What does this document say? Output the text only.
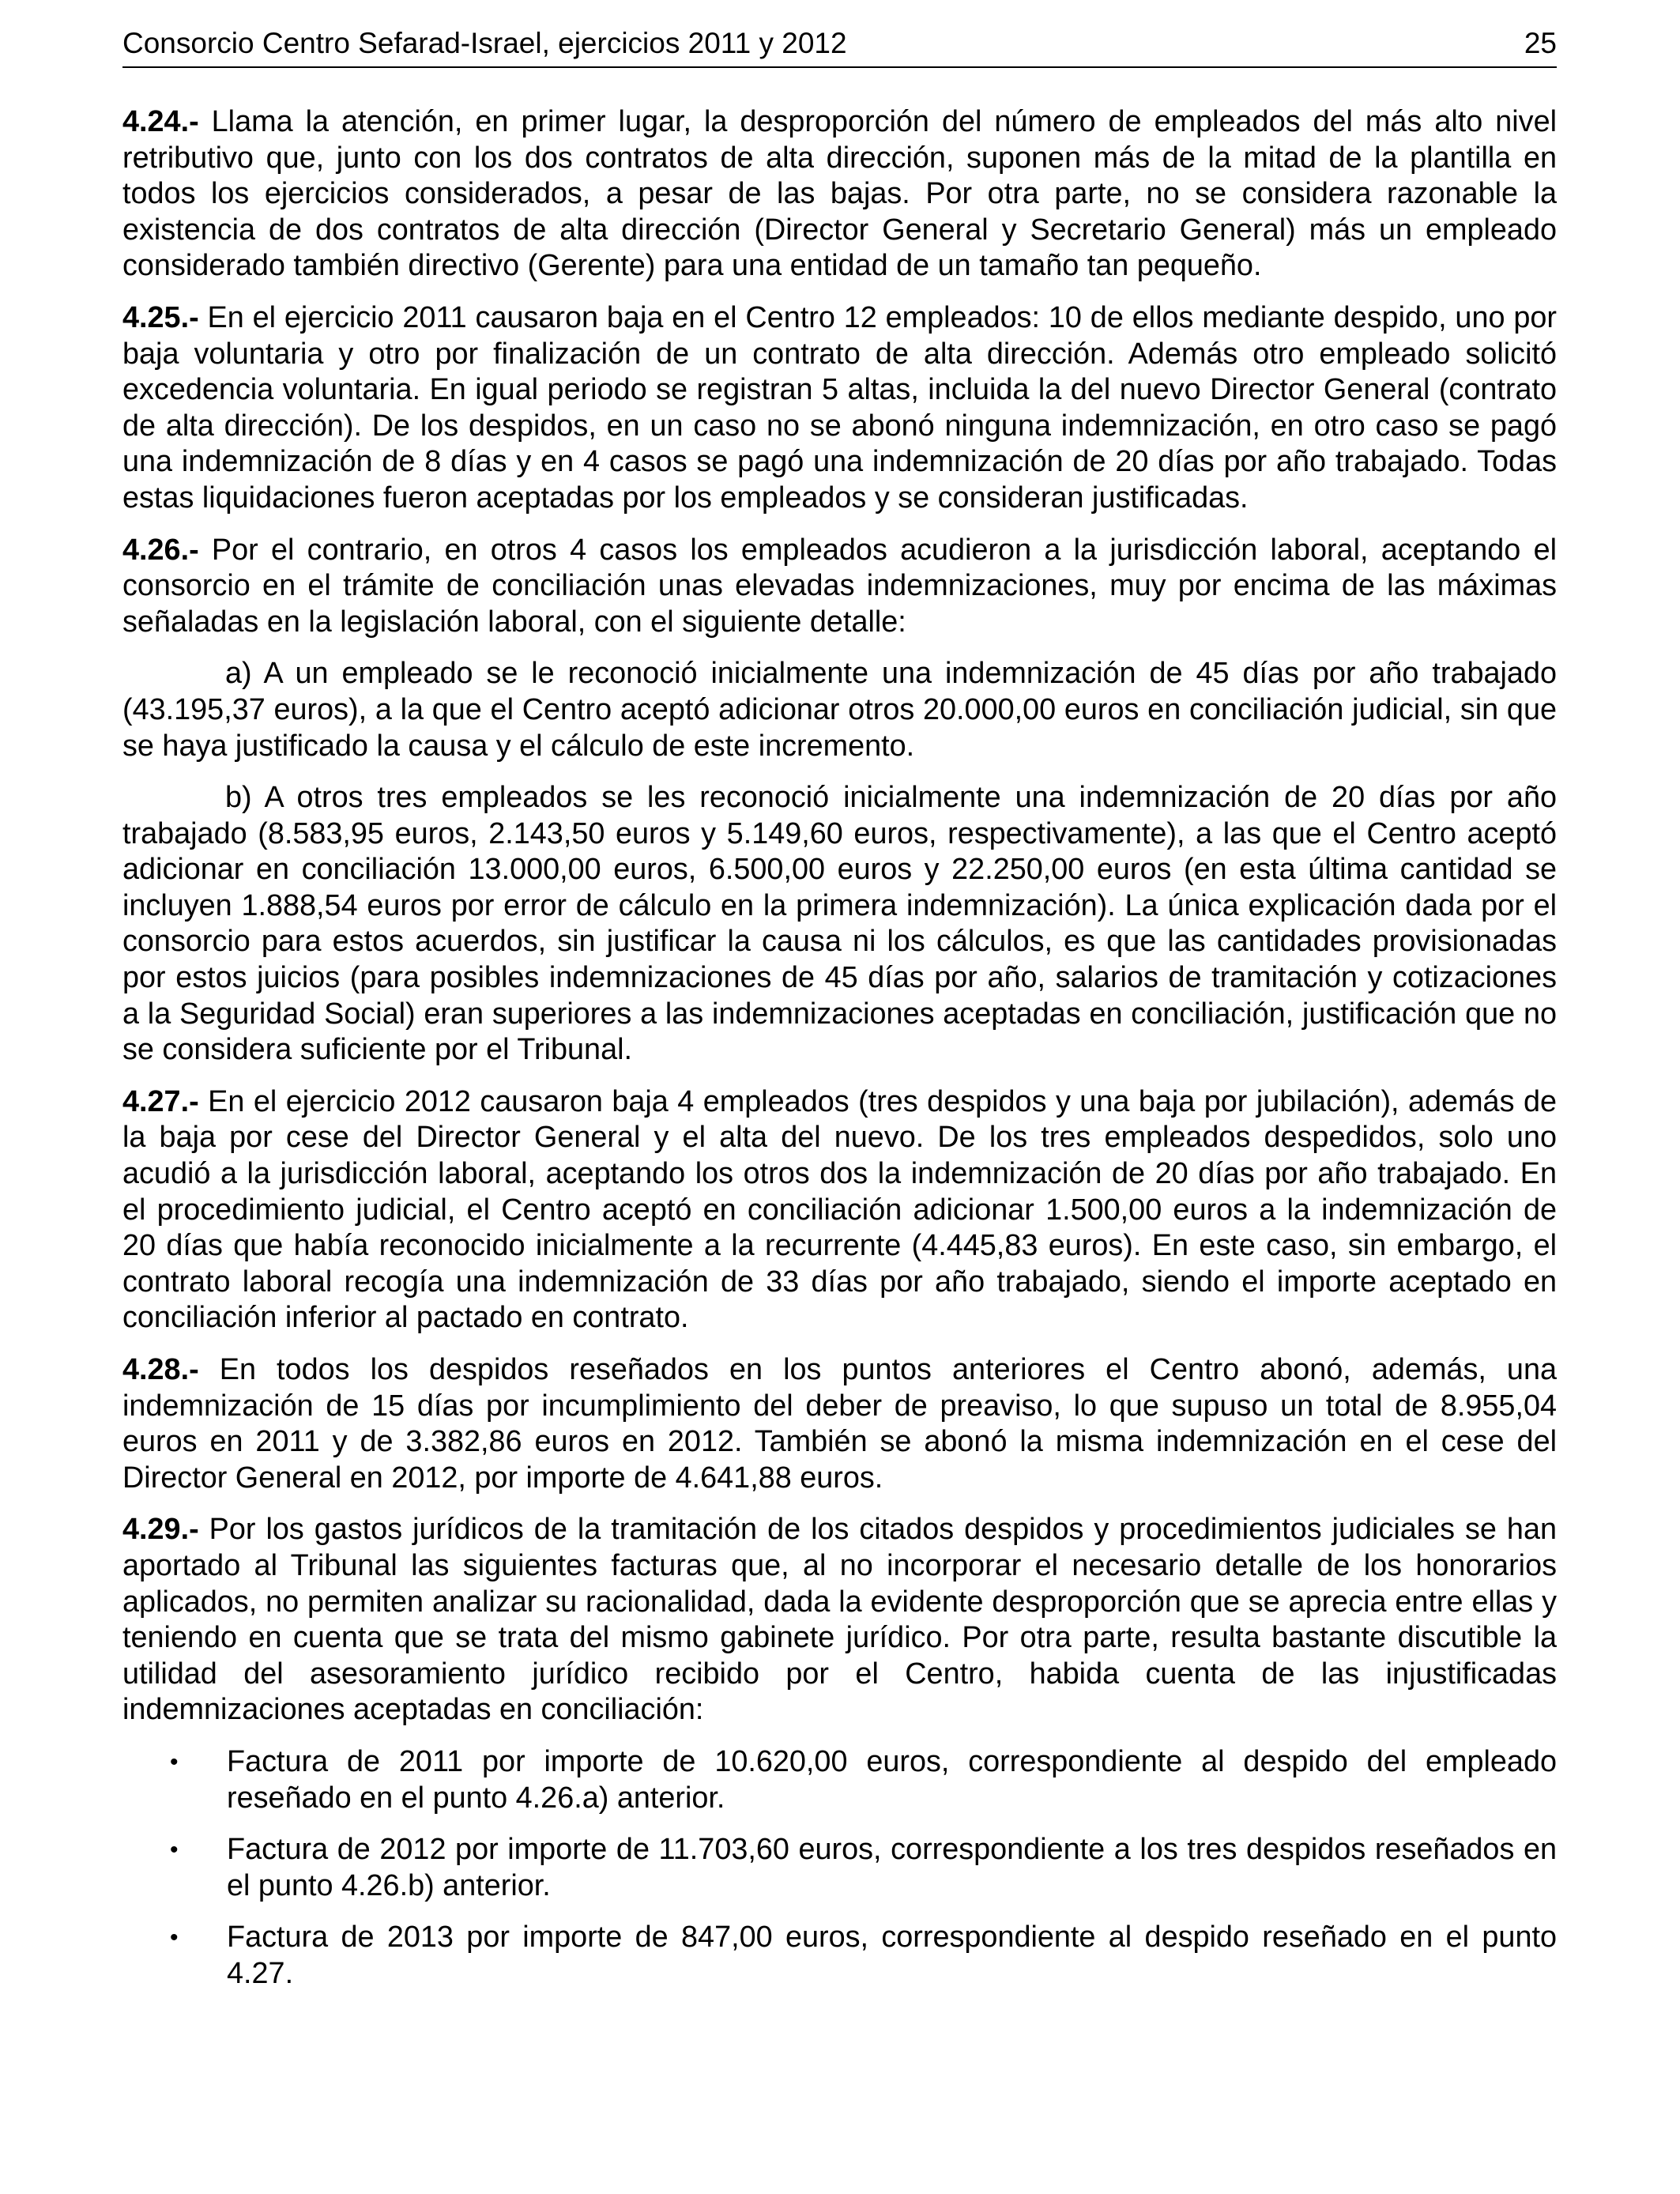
Consorcio Centro Sefarad-Israel, ejercicios 2011 y 2012	25

4.24.- Llama la atención, en primer lugar, la desproporción del número de empleados del más alto nivel retributivo que, junto con los dos contratos de alta dirección, suponen más de la mitad de la plantilla en todos los ejercicios considerados, a pesar de las bajas. Por otra parte, no se considera razonable la existencia de dos contratos de alta dirección (Director General y Secretario General) más un empleado considerado también directivo (Gerente) para una entidad de un tamaño tan pequeño.

4.25.- En el ejercicio 2011 causaron baja en el Centro 12 empleados: 10 de ellos mediante despido, uno por baja voluntaria y otro por finalización de un contrato de alta dirección. Además otro empleado solicitó excedencia voluntaria. En igual periodo se registran 5 altas, incluida la del nuevo Director General (contrato de alta dirección). De los despidos, en un caso no se abonó ninguna indemnización, en otro caso se pagó una indemnización de 8 días y en 4 casos se pagó una indemnización de 20 días por año trabajado. Todas estas liquidaciones fueron aceptadas por los empleados y se consideran justificadas.

4.26.- Por el contrario, en otros 4 casos los empleados acudieron a la jurisdicción laboral, aceptando el consorcio en el trámite de conciliación unas elevadas indemnizaciones, muy por encima de las máximas señaladas en la legislación laboral, con el siguiente detalle:

a) A un empleado se le reconoció inicialmente una indemnización de 45 días por año trabajado (43.195,37 euros), a la que el Centro aceptó adicionar otros 20.000,00 euros en conciliación judicial, sin que se haya justificado la causa y el cálculo de este incremento.

b) A otros tres empleados se les reconoció inicialmente una indemnización de 20 días por año trabajado (8.583,95 euros, 2.143,50 euros y 5.149,60 euros, respectivamente), a las que el Centro aceptó adicionar en conciliación 13.000,00 euros, 6.500,00 euros y 22.250,00 euros (en esta última cantidad se incluyen 1.888,54 euros por error de cálculo en la primera indemnización). La única explicación dada por el consorcio para estos acuerdos, sin justificar la causa ni los cálculos, es que las cantidades provisionadas por estos juicios (para posibles indemnizaciones de 45 días por año, salarios de tramitación y cotizaciones a la Seguridad Social) eran superiores a las indemnizaciones aceptadas en conciliación, justificación que no se considera suficiente por el Tribunal.

4.27.- En el ejercicio 2012 causaron baja 4 empleados (tres despidos y una baja por jubilación), además de la baja por cese del Director General y el alta del nuevo. De los tres empleados despedidos, solo uno acudió a la jurisdicción laboral, aceptando los otros dos la indemnización de 20 días por año trabajado. En el procedimiento judicial, el Centro aceptó en conciliación adicionar 1.500,00 euros a la indemnización de 20 días que había reconocido inicialmente a la recurrente (4.445,83 euros). En este caso, sin embargo, el contrato laboral recogía una indemnización de 33 días por año trabajado, siendo el importe aceptado en conciliación inferior al pactado en contrato.

4.28.- En todos los despidos reseñados en los puntos anteriores el Centro abonó, además, una indemnización de 15 días por incumplimiento del deber de preaviso, lo que supuso un total de 8.955,04 euros en 2011 y de 3.382,86 euros en 2012. También se abonó la misma indemnización en el cese del Director General en 2012, por importe de 4.641,88 euros.

4.29.- Por los gastos jurídicos de la tramitación de los citados despidos y procedimientos judiciales se han aportado al Tribunal las siguientes facturas que, al no incorporar el necesario detalle de los honorarios aplicados, no permiten analizar su racionalidad, dada la evidente desproporción que se aprecia entre ellas y teniendo en cuenta que se trata del mismo gabinete jurídico. Por otra parte, resulta bastante discutible la utilidad del asesoramiento jurídico recibido por el Centro, habida cuenta de las injustificadas indemnizaciones aceptadas en conciliación:

• Factura de 2011 por importe de 10.620,00 euros, correspondiente al despido del empleado reseñado en el punto 4.26.a) anterior.
• Factura de 2012 por importe de 11.703,60 euros, correspondiente a los tres despidos reseñados en el punto 4.26.b) anterior.
• Factura de 2013 por importe de 847,00 euros, correspondiente al despido reseñado en el punto 4.27.
